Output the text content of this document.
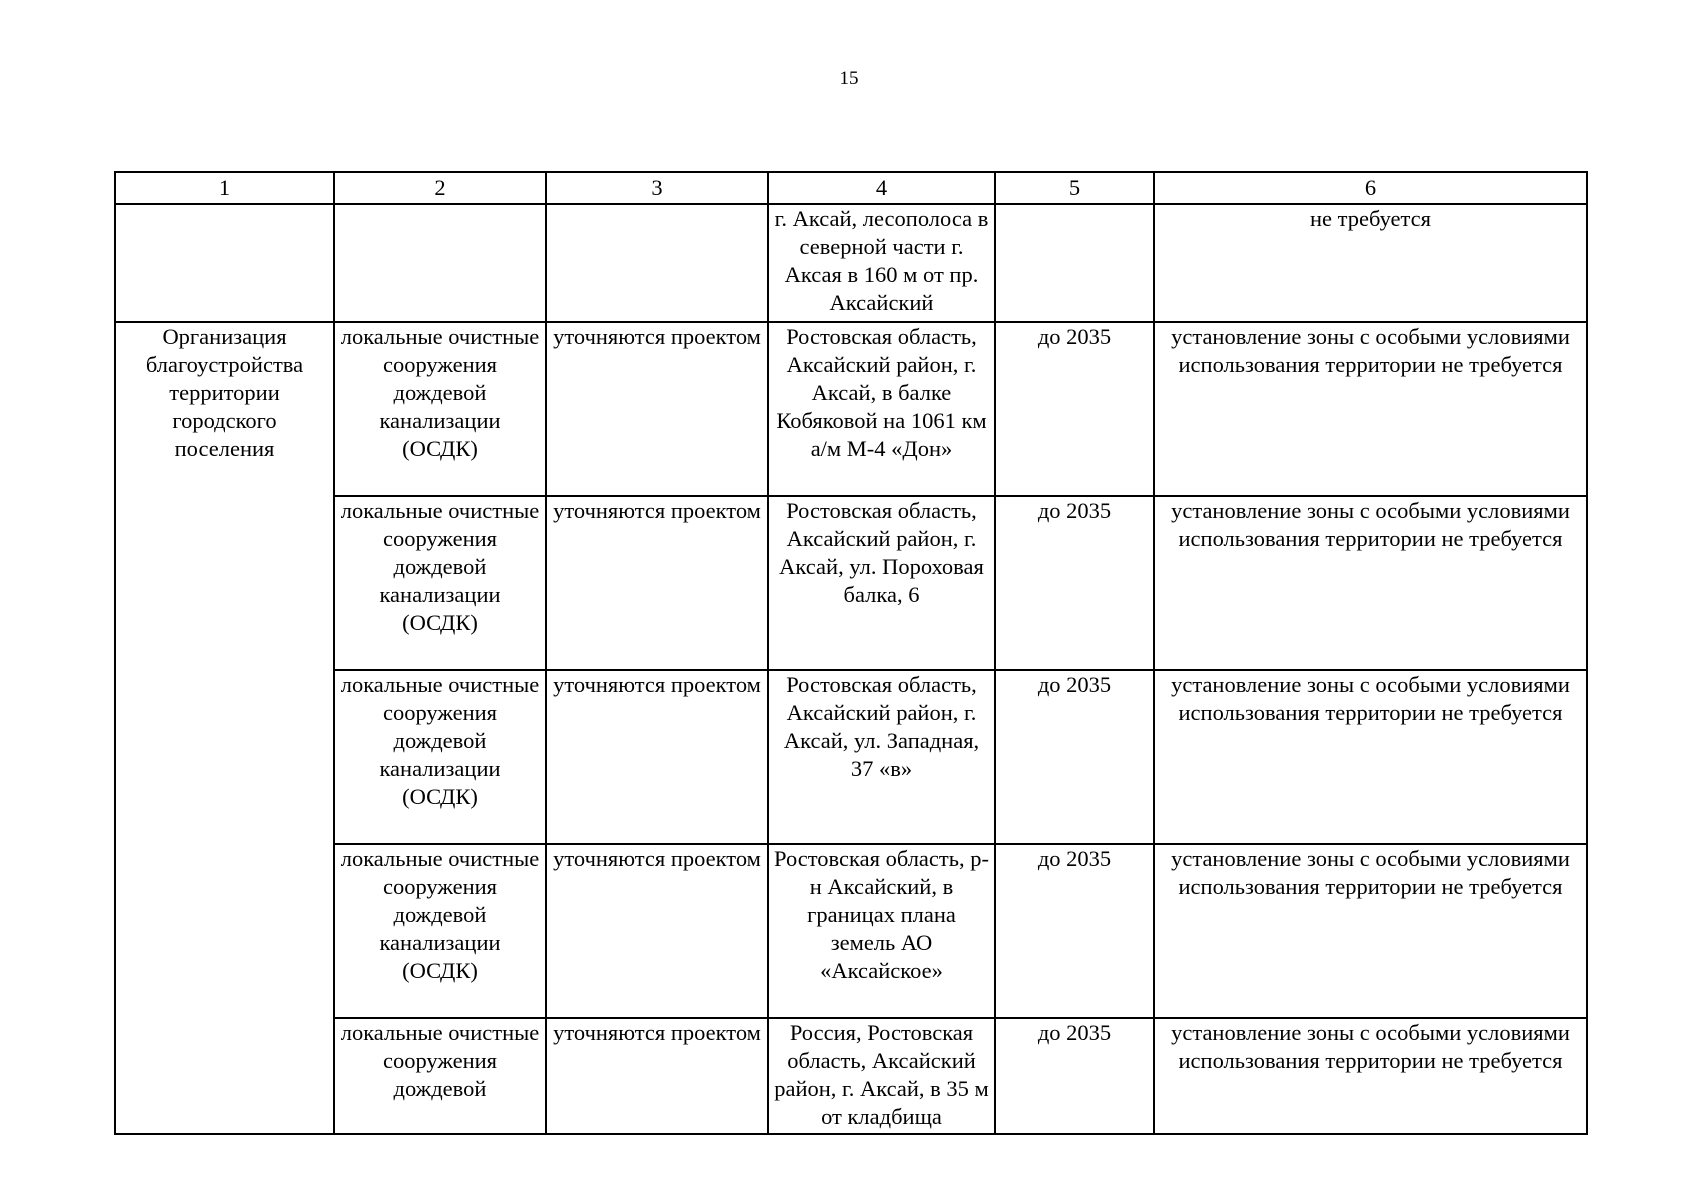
15
1	2	3	4	5	6
			г. Аксай, лесополоса в северной части г. Аксая в 160 м от пр. Аксайский		не требуется
Организация благоустройства территории городского поселения	локальные очистные сооружения дождевой канализации (ОСДК)	уточняются проектом	Ростовская область, Аксайский район, г. Аксай, в балке Кобяковой на 1061 км а/м М-4 «Дон»	до 2035	установление зоны с особыми условиями использования территории не требуется
	локальные очистные сооружения дождевой канализации (ОСДК)	уточняются проектом	Ростовская область, Аксайский район, г. Аксай, ул. Пороховая балка, 6	до 2035	установление зоны с особыми условиями использования территории не требуется
	локальные очистные сооружения дождевой канализации (ОСДК)	уточняются проектом	Ростовская область, Аксайский район, г. Аксай, ул. Западная, 37 «в»	до 2035	установление зоны с особыми условиями использования территории не требуется
	локальные очистные сооружения дождевой канализации (ОСДК)	уточняются проектом	Ростовская область, р-н Аксайский, в границах плана земель АО «Аксайское»	до 2035	установление зоны с особыми условиями использования территории не требуется
	локальные очистные сооружения дождевой	уточняются проектом	Россия, Ростовская область, Аксайский район, г. Аксай, в 35 м от кладбища	до 2035	установление зоны с особыми условиями использования территории не требуется
